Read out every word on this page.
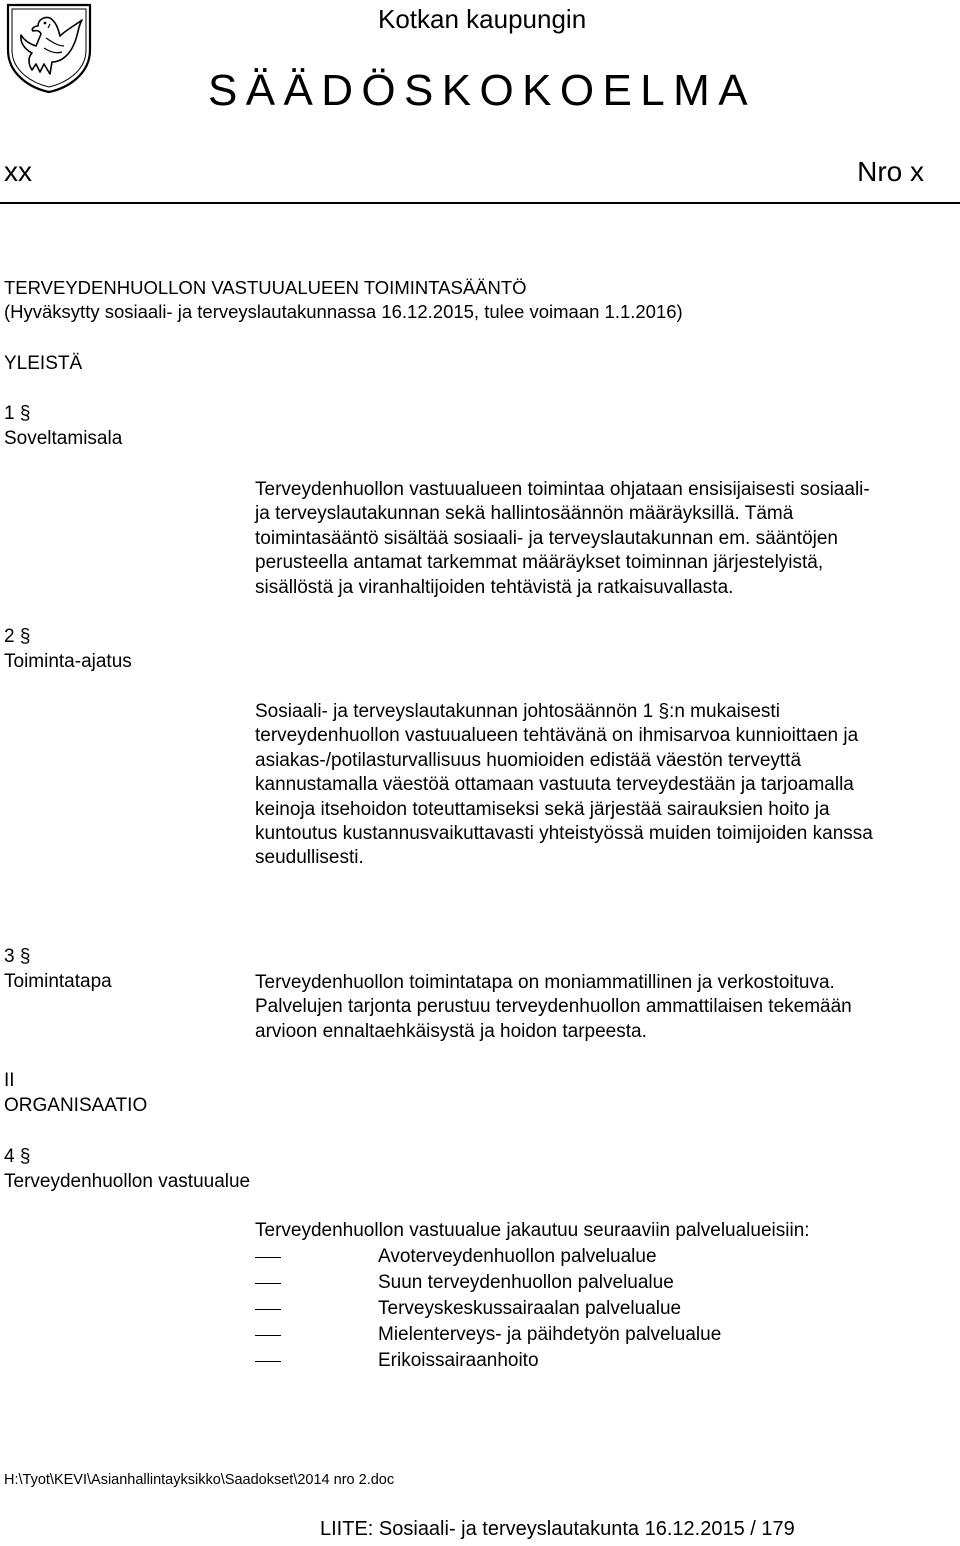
Kotkan kaupungin
SÄÄDÖSKOKOELMA
xx	Nro x
TERVEYDENHUOLLON VASTUUALUEEN TOIMINTASÄÄNTÖ
(Hyväksytty sosiaali- ja terveyslautakunnassa 16.12.2015, tulee voimaan 1.1.2016)
YLEISTÄ
1 §
Soveltamisala
Terveydenhuollon vastuualueen toimintaa ohjataan ensisijaisesti sosiaali-
ja terveyslautakunnan sekä hallintosäännön määräyksillä. Tämä
toimintasääntö sisältää sosiaali- ja terveyslautakunnan em. sääntöjen
perusteella antamat tarkemmat määräykset toiminnan järjestelyistä,
sisällöstä ja viranhaltijoiden tehtävistä ja ratkaisuvallasta.
2 §
Toiminta-ajatus
Sosiaali- ja terveyslautakunnan johtosäännön 1 §:n mukaisesti
terveydenhuollon vastuualueen tehtävänä on ihmisarvoa kunnioittaen ja
asiakas-/potilasturvallisuus huomioiden edistää väestön terveyttä
kannustamalla väestöä ottamaan vastuuta terveydestään ja tarjoamalla
keinoja itsehoidon toteuttamiseksi sekä järjestää sairauksien hoito ja
kuntoutus kustannusvaikuttavasti yhteistyössä muiden toimijoiden kanssa
seudullisesti.
3 §
Toimintatapa	Terveydenhuollon toimintatapa on moniammatillinen ja verkostoituva.
Palvelujen tarjonta perustuu terveydenhuollon ammattilaisen tekemään
arvioon ennaltaehkäisystä ja hoidon tarpeesta.
II
ORGANISAATIO
4 §
Terveydenhuollon vastuualue
Terveydenhuollon vastuualue jakautuu seuraaviin palvelualueisiin:
Avoterveydenhuollon palvelualue
Suun terveydenhuollon palvelualue
Terveyskeskussairaalan palvelualue
Mielenterveys- ja päihdetyön palvelualue
Erikoissairaanhoito
H:\Tyot\KEVI\Asianhallintayksikko\Saadokset\2014 nro 2.doc
LIITE: Sosiaali- ja terveyslautakunta 16.12.2015 / 179
